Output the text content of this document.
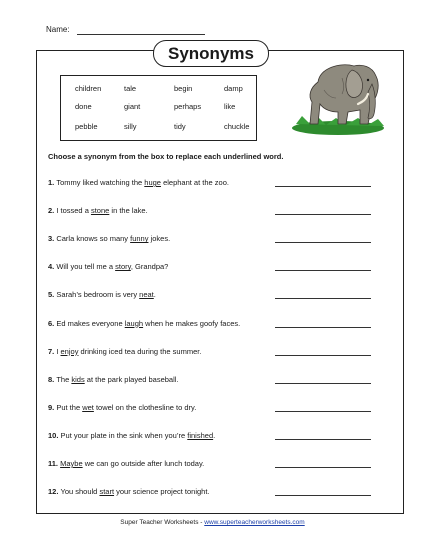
Name:
Synonyms
children	tale	begin	damp
done	giant	perhaps	like
pebble	silly	tidy	chuckle
Choose a synonym from the box to replace each underlined word.
1. Tommy liked watching the huge elephant at the zoo.
2. I tossed a stone in the lake.
3. Carla knows so many funny jokes.
4. Will you tell me a story, Grandpa?
5. Sarah’s bedroom is very neat.
6. Ed makes everyone laugh when he makes goofy faces.
7. I enjoy drinking iced tea during the summer.
8. The kids at the park played baseball.
9. Put the wet towel on the clothesline to dry.
10. Put your plate in the sink when you’re finished.
11. Maybe we can go outside after lunch today.
12. You should start your science project tonight.
Super Teacher Worksheets - www.superteacherworksheets.com
